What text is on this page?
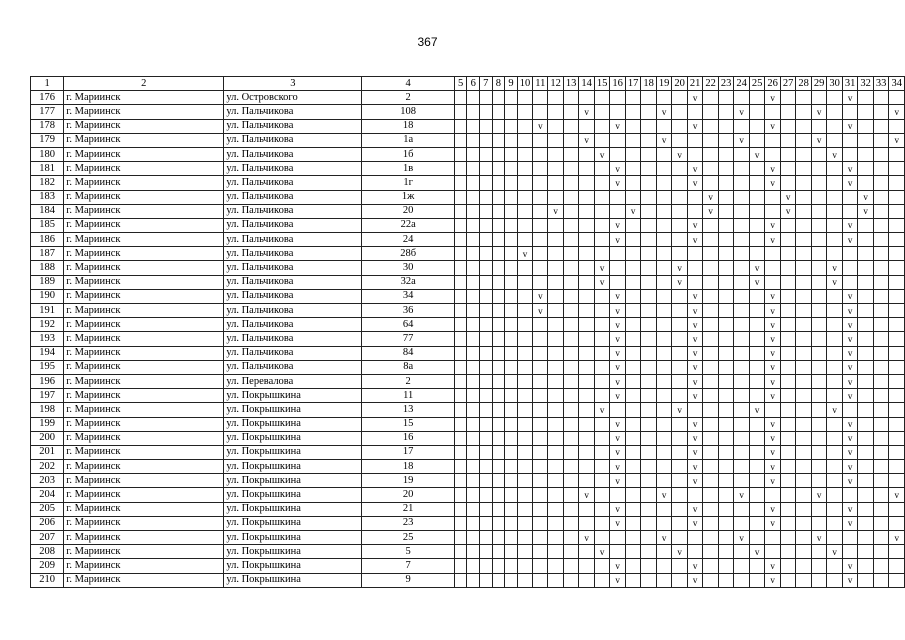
367
1	2	3	4	5	6	7	8	9	10	11	12	13	14	15	16	17	18	19	20	21	22	23	24	25	26	27	28	29	30	31	32	33	34
176	г. Мариинск	ул. Островского	2																	v					v					v			
177	г. Мариинск	ул. Пальчикова	108										v					v					v					v					v
178	г. Мариинск	ул. Пальчикова	18							v					v					v					v					v			
179	г. Мариинск	ул. Пальчикова	1а										v					v					v					v					v
180	г. Мариинск	ул. Пальчикова	1б											v					v					v					v				
181	г. Мариинск	ул. Пальчикова	1в												v					v					v					v			
182	г. Мариинск	ул. Пальчикова	1г												v					v					v					v			
183	г. Мариинск	ул. Пальчикова	1ж																		v					v					v		
184	г. Мариинск	ул. Пальчикова	20								v					v					v					v					v		
185	г. Мариинск	ул. Пальчикова	22а												v					v					v					v			
186	г. Мариинск	ул. Пальчикова	24												v					v					v					v			
187	г. Мариинск	ул. Пальчикова	28б						v																								
188	г. Мариинск	ул. Пальчикова	30											v					v					v					v				
189	г. Мариинск	ул. Пальчикова	32а											v					v					v					v				
190	г. Мариинск	ул. Пальчикова	34							v					v					v					v					v			
191	г. Мариинск	ул. Пальчикова	36							v					v					v					v					v			
192	г. Мариинск	ул. Пальчикова	64												v					v					v					v			
193	г. Мариинск	ул. Пальчикова	77												v					v					v					v			
194	г. Мариинск	ул. Пальчикова	84												v					v					v					v			
195	г. Мариинск	ул. Пальчикова	8а												v					v					v					v			
196	г. Мариинск	ул. Перевалова	2												v					v					v					v			
197	г. Мариинск	ул. Покрышкина	11												v					v					v					v			
198	г. Мариинск	ул. Покрышкина	13											v					v					v					v				
199	г. Мариинск	ул. Покрышкина	15												v					v					v					v			
200	г. Мариинск	ул. Покрышкина	16												v					v					v					v			
201	г. Мариинск	ул. Покрышкина	17												v					v					v					v			
202	г. Мариинск	ул. Покрышкина	18												v					v					v					v			
203	г. Мариинск	ул. Покрышкина	19												v					v					v					v			
204	г. Мариинск	ул. Покрышкина	20										v					v					v					v					v
205	г. Мариинск	ул. Покрышкина	21												v					v					v					v			
206	г. Мариинск	ул. Покрышкина	23												v					v					v					v			
207	г. Мариинск	ул. Покрышкина	25										v					v					v					v					v
208	г. Мариинск	ул. Покрышкина	5											v					v					v					v				
209	г. Мариинск	ул. Покрышкина	7												v					v					v					v			
210	г. Мариинск	ул. Покрышкина	9												v					v					v					v			
